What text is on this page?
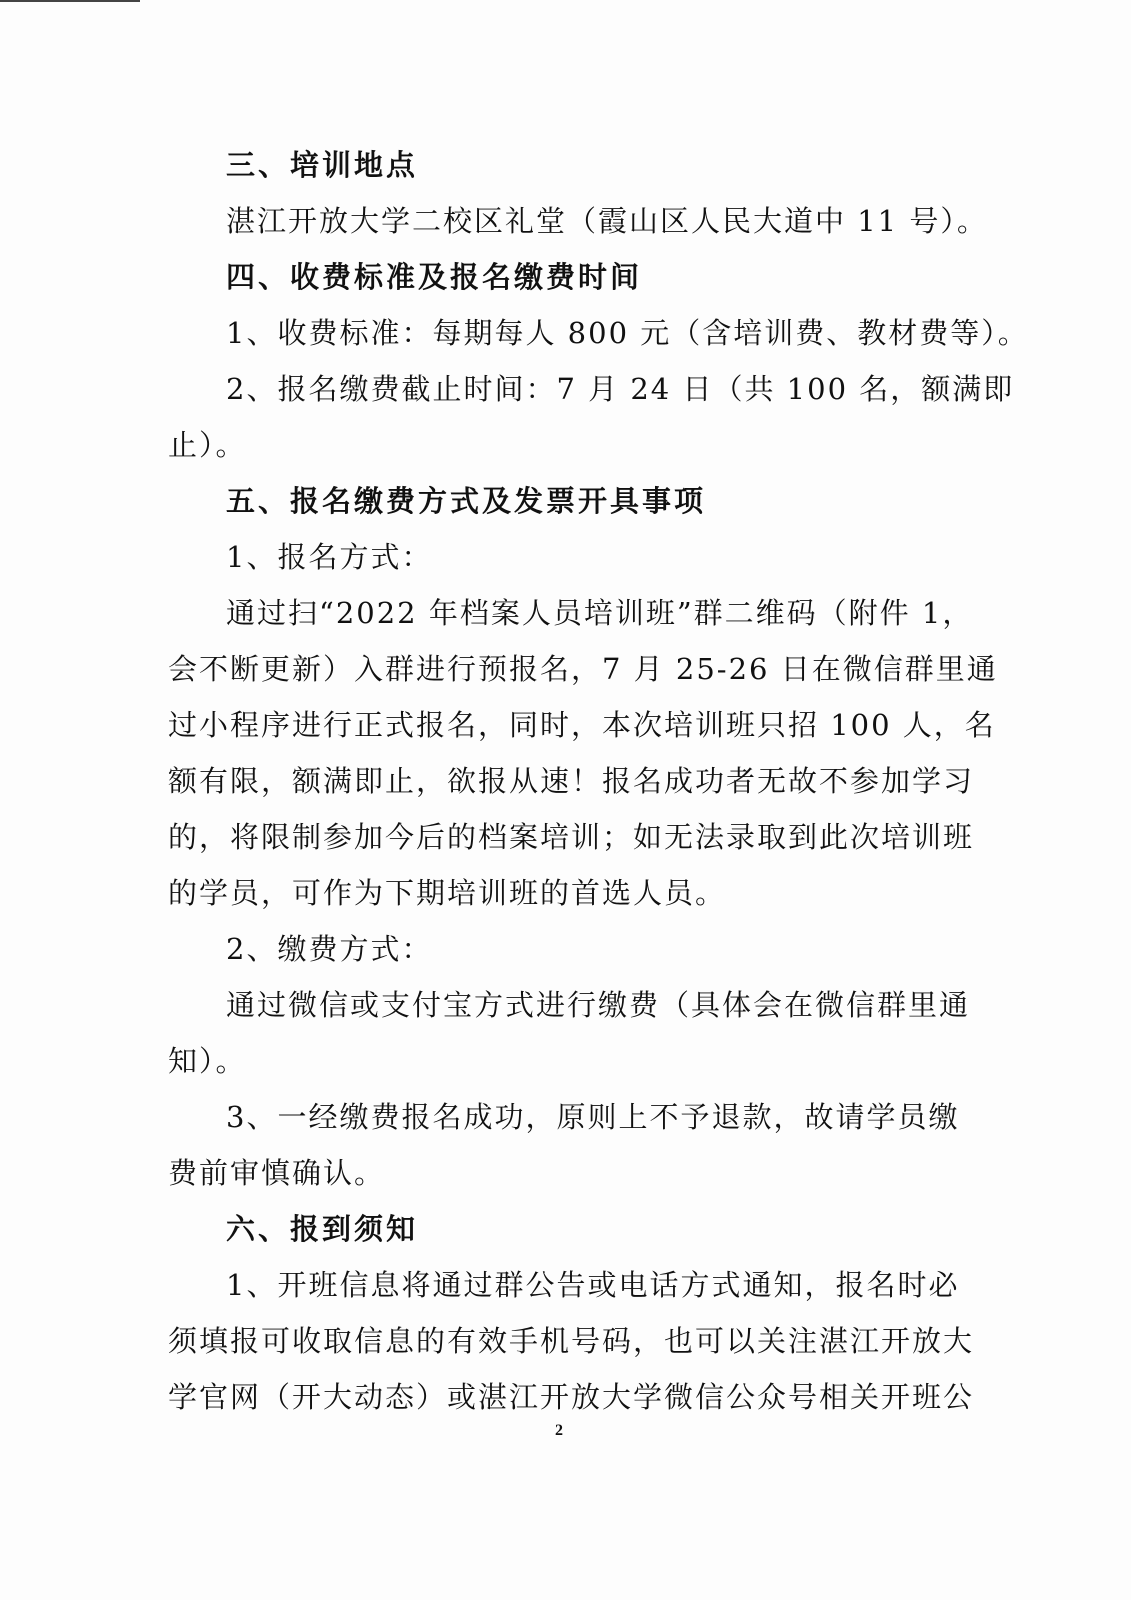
三、培训地点
湛江开放大学二校区礼堂（霞山区人民大道中 11 号）。
四、收费标准及报名缴费时间
1、收费标准：每期每人 800 元（含培训费、教材费等）。
2、报名缴费截止时间：7 月 24 日（共 100 名，额满即
止）。
五、报名缴费方式及发票开具事项
1、报名方式：
通过扫“2022 年档案人员培训班”群二维码（附件 1，
会不断更新）入群进行预报名，7 月 25-26 日在微信群里通
过小程序进行正式报名，同时，本次培训班只招 100 人，名
额有限，额满即止，欲报从速！报名成功者无故不参加学习
的，将限制参加今后的档案培训；如无法录取到此次培训班
的学员，可作为下期培训班的首选人员。
2、缴费方式：
通过微信或支付宝方式进行缴费（具体会在微信群里通
知）。
3、一经缴费报名成功，原则上不予退款，故请学员缴
费前审慎确认。
六、报到须知
1、开班信息将通过群公告或电话方式通知，报名时必
须填报可收取信息的有效手机号码，也可以关注湛江开放大
学官网（开大动态）或湛江开放大学微信公众号相关开班公
2
